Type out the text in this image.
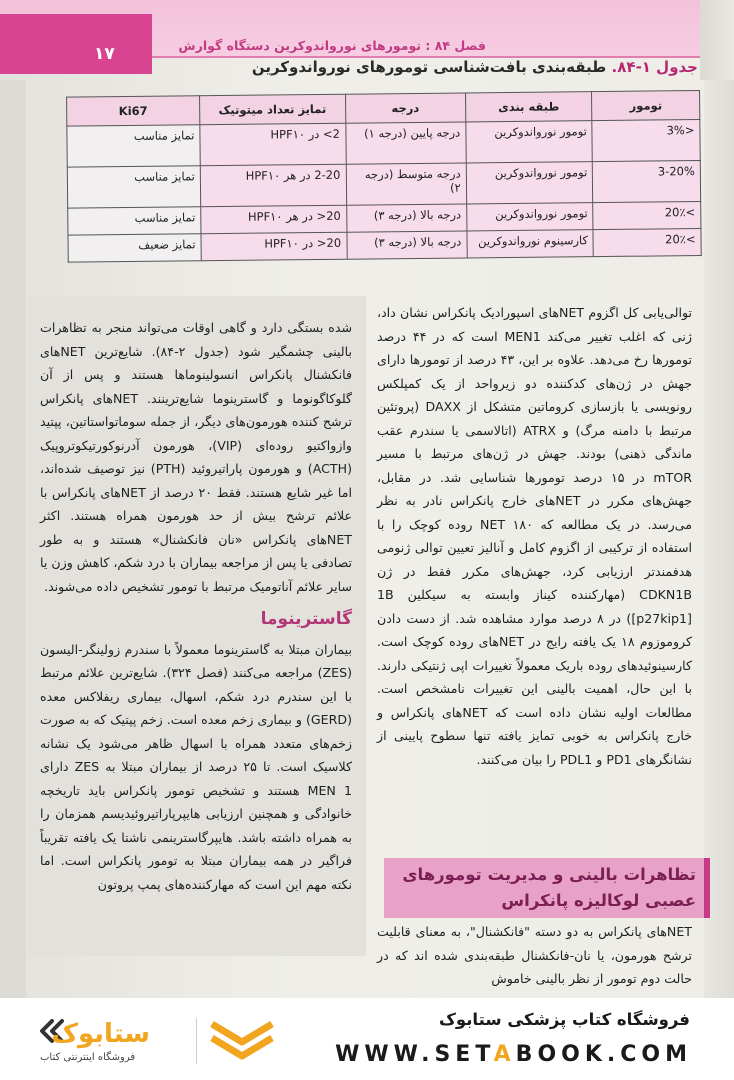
۱۷	فصل ۸۴ : تومورهای نورواندوکرین دستگاه گوارش
جدول ۱-۸۴. طبقه‌بندی بافت‌شناسی تومورهای نورواندوکرین
تومور	طبقه بندی	درجه	تمایز تعداد میتوتیک	Ki67
<3%	تومور نورواندوکرین	درجه پایین (درجه ۱)	2> در HPF۱۰	تمایز مناسب
3-20%	تومور نورواندوکرین	درجه متوسط (درجه ۲)	2-20 در هر HPF۱۰	تمایز مناسب
>20٪	تومور نورواندوکرین	درجه بالا (درجه ۳)	20< در هر HPF۱۰	تمایز مناسب
>20٪	کارسینوم نورواندوکرین	درجه بالا (درجه ۳)	20< در HPF۱۰	تمایز ضعیف

توالی‌یابی کل اگزوم NETهای اسپورادیک پانکراس نشان داد، ژنی که اغلب تغییر می‌کند MEN1 است که در ۴۴ درصد تومورها رخ می‌دهد. علاوه بر این، ۴۳ درصد از تومورها دارای جهش در ژن‌های کدکننده دو زیرواحد از یک کمپلکس رونویسی یا بازسازی کروماتین متشکل از DAXX (پروتئین مرتبط با دامنه مرگ) و ATRX (اتالاسمی یا سندرم عقب ماندگی ذهنی) بودند. جهش در ژن‌های مرتبط با مسیر mTOR در ۱۵ درصد تومورها شناسایی شد. در مقابل، جهش‌های مکرر در NETهای خارج پانکراس نادر به نظر می‌رسد. در یک مطالعه که ۱۸۰ NET روده کوچک را با استفاده از ترکیبی از اگزوم کامل و آنالیز تعیین توالی ژنومی هدفمندتر ارزیابی کرد، جهش‌های مکرر فقط در ژن CDKN1B (مهارکننده کیناز وابسته به سیکلین 1B [p27kip1]) در ۸ درصد موارد مشاهده شد. از دست دادن کروموزوم ۱۸ یک یافته رایج در NETهای روده کوچک است. کارسینوئیدهای روده باریک معمولاً تغییرات اپی ژنتیکی دارند. با این حال، اهمیت بالینی این تغییرات نامشخص است. مطالعات اولیه نشان داده است که NETهای پانکراس و خارج پانکراس به خوبی تمایز یافته تنها سطوح پایینی از نشانگرهای PD1 و PDL1 را بیان می‌کنند.

تظاهرات بالینی و مدیریت تومورهای
عصبی لوکالیزه پانکراس

NETهای پانکراس به دو دسته "فانکشنال"، به معنای قابلیت ترشح هورمون، یا نان-فانکشنال طبقه‌بندی شده اند که در حالت دوم تومور از نظر بالینی خاموش

شده بستگی دارد و گاهی اوقات می‌تواند منجر به تظاهرات بالینی چشمگیر شود (جدول ۲-۸۴). شایع‌ترین NETهای فانکشنال پانکراس انسولینوماها هستند و پس از آن گلوکاگونوما و گاسترینوما شایع‌ترینند. NETهای پانکراس ترشح کننده هورمون‌های دیگر، از جمله سوماتواستاتین، پپتید وازواکتیو روده‌ای (VIP)، هورمون آدرنوکورتیکوتروپیک (ACTH) و هورمون پاراتیروئید (PTH) نیز توصیف شده‌اند، اما غیر شایع هستند. فقط ۲۰ درصد از NETهای پانکراس با علائم ترشح بیش از حد هورمون همراه هستند. اکثر NETهای پانکراس «نان فانکشنال» هستند و به طور تصادفی یا پس از مراجعه بیماران با درد شکم، کاهش وزن یا سایر علائم آناتومیک مرتبط با تومور تشخیص داده می‌شوند.

گاسترینوما

بیماران مبتلا به گاسترینوما معمولاً با سندرم زولینگر-الیسون (ZES) مراجعه می‌کنند (فصل ۳۲۴). شایع‌ترین علائم مرتبط با این سندرم درد شکم، اسهال، بیماری ریفلاکس معده (GERD) و بیماری زخم معده است. زخم پپتیک که به صورت زخم‌های متعدد همراه با اسهال ظاهر می‌شود یک نشانه کلاسیک است. تا ۲۵ درصد از بیماران مبتلا به ZES دارای MEN 1 هستند و تشخیص تومور پانکراس باید تاریخچه خانوادگی و همچنین ارزیابی هایپرپاراتیروئیدیسم همزمان را به همراه داشته باشد. هایپرگاسترینمی ناشتا یک یافته تقریباً فراگیر در همه بیماران مبتلا به تومور پانکراس است. اما نکته مهم این است که مهارکننده‌های پمپ پروتون

ستابوک
فروشگاه اینترنتی کتاب
فروشگاه کتاب پزشکی ستابوک
WWW.SETABOOK.COM
